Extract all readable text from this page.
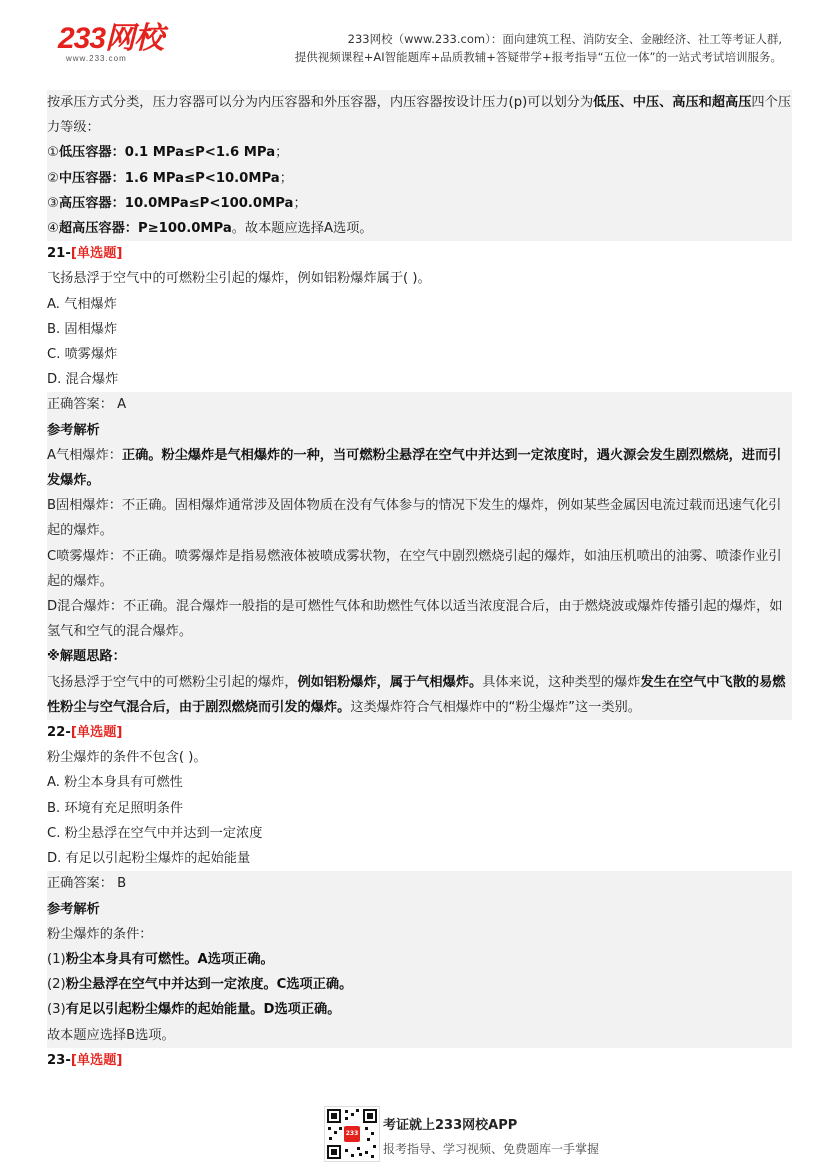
233网校
www.233.com
233网校（www.233.com）：面向建筑工程、消防安全、金融经济、社工等考证人群,
提供视频课程+AI智能题库+品质教辅+答疑带学+报考指导“五位一体”的一站式考试培训服务。
按承压方式分类，压力容器可以分为内压容器和外压容器，内压容器按设计压力(p)可以划分为低压、中压、高压和超高压四个压力等级：
①低压容器：0.1 MPa≤P<1.6 MPa；
②中压容器：1.6 MPa≤P<10.0MPa；
③高压容器：10.0MPa≤P<100.0MPa；
④超高压容器：P≥100.0MPa。故本题应选择A选项。
21-[单选题]
飞扬悬浮于空气中的可燃粉尘引起的爆炸，例如铝粉爆炸属于( )。
A. 气相爆炸
B. 固相爆炸
C. 喷雾爆炸
D. 混合爆炸
正确答案： A
参考解析
A气相爆炸：正确。粉尘爆炸是气相爆炸的一种，当可燃粉尘悬浮在空气中并达到一定浓度时，遇火源会发生剧烈燃烧，进而引发爆炸。
B固相爆炸：不正确。固相爆炸通常涉及固体物质在没有气体参与的情况下发生的爆炸，例如某些金属因电流过载而迅速气化引起的爆炸。
C喷雾爆炸：不正确。喷雾爆炸是指易燃液体被喷成雾状物，在空气中剧烈燃烧引起的爆炸，如油压机喷出的油雾、喷漆作业引起的爆炸。
D混合爆炸：不正确。混合爆炸一般指的是可燃性气体和助燃性气体以适当浓度混合后，由于燃烧波或爆炸传播引起的爆炸，如氢气和空气的混合爆炸。
※解题思路：
飞扬悬浮于空气中的可燃粉尘引起的爆炸，例如铝粉爆炸，属于气相爆炸。具体来说，这种类型的爆炸发生在空气中飞散的易燃性粉尘与空气混合后，由于剧烈燃烧而引发的爆炸。这类爆炸符合气相爆炸中的“粉尘爆炸”这一类别。
22-[单选题]
粉尘爆炸的条件不包含( )。
A. 粉尘本身具有可燃性
B. 环境有充足照明条件
C. 粉尘悬浮在空气中并达到一定浓度
D. 有足以引起粉尘爆炸的起始能量
正确答案： B
参考解析
粉尘爆炸的条件：
(1)粉尘本身具有可燃性。A选项正确。
(2)粉尘悬浮在空气中并达到一定浓度。C选项正确。
(3)有足以引起粉尘爆炸的起始能量。D选项正确。
故本题应选择B选项。
23-[单选题]
233
考证就上233网校APP
报考指导、学习视频、免费题库一手掌握
